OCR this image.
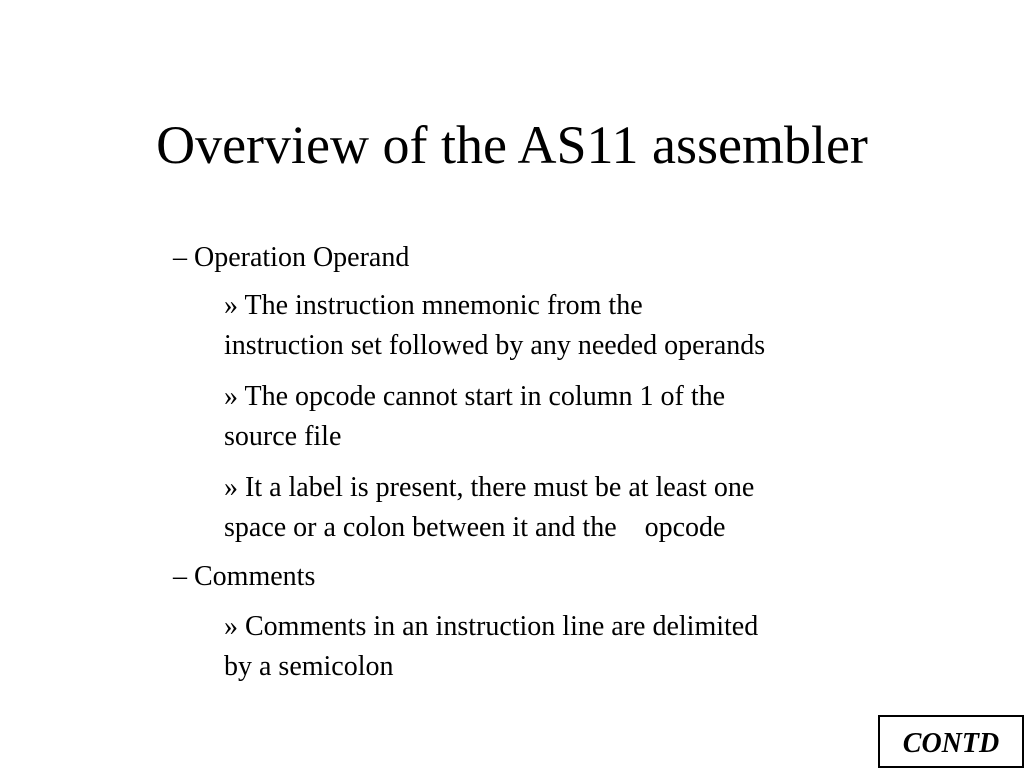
Overview of the AS11 assembler
– Operation Operand
» The instruction mnemonic from the
instruction set followed by any needed operands
» The opcode cannot start in column 1 of the
source file
» It a label is present, there must be at least one
space or a colon between it and the    opcode
– Comments
» Comments in an instruction line are delimited
by a semicolon
CONTD
